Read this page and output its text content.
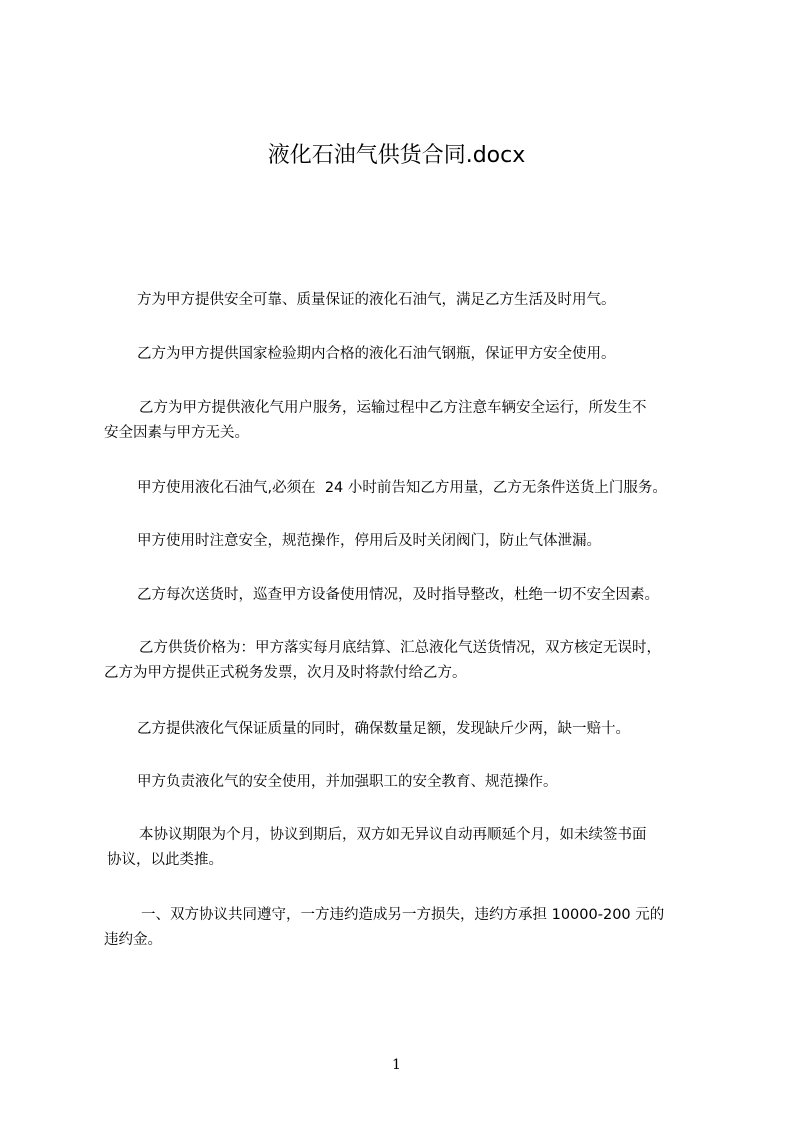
液化石油气供货合同.docx
方为甲方提供安全可靠、质量保证的液化石油气，满足乙方生活及时用气。
乙方为甲方提供国家检验期内合格的液化石油气钢瓶，保证甲方安全使用。
乙方为甲方提供液化气用户服务，运输过程中乙方注意车辆安全运行，所发生不
安全因素与甲方无关。
甲方使用液化石油气,必须在  24 小时前告知乙方用量，乙方无条件送货上门服务。
甲方使用时注意安全，规范操作，停用后及时关闭阀门，防止气体泄漏。
乙方每次送货时，巡查甲方设备使用情况，及时指导整改，杜绝一切不安全因素。
乙方供货价格为：甲方落实每月底结算、汇总液化气送货情况，双方核定无误时，
乙方为甲方提供正式税务发票，次月及时将款付给乙方。
乙方提供液化气保证质量的同时，确保数量足额，发现缺斤少两，缺一赔十。
甲方负责液化气的安全使用，并加强职工的安全教育、规范操作。
本协议期限为个月，协议到期后，双方如无异议自动再顺延个月，如未续签书面
协议，以此类推。
一、双方协议共同遵守，一方违约造成另一方损失，违约方承担 10000-200 元的
违约金。
1
